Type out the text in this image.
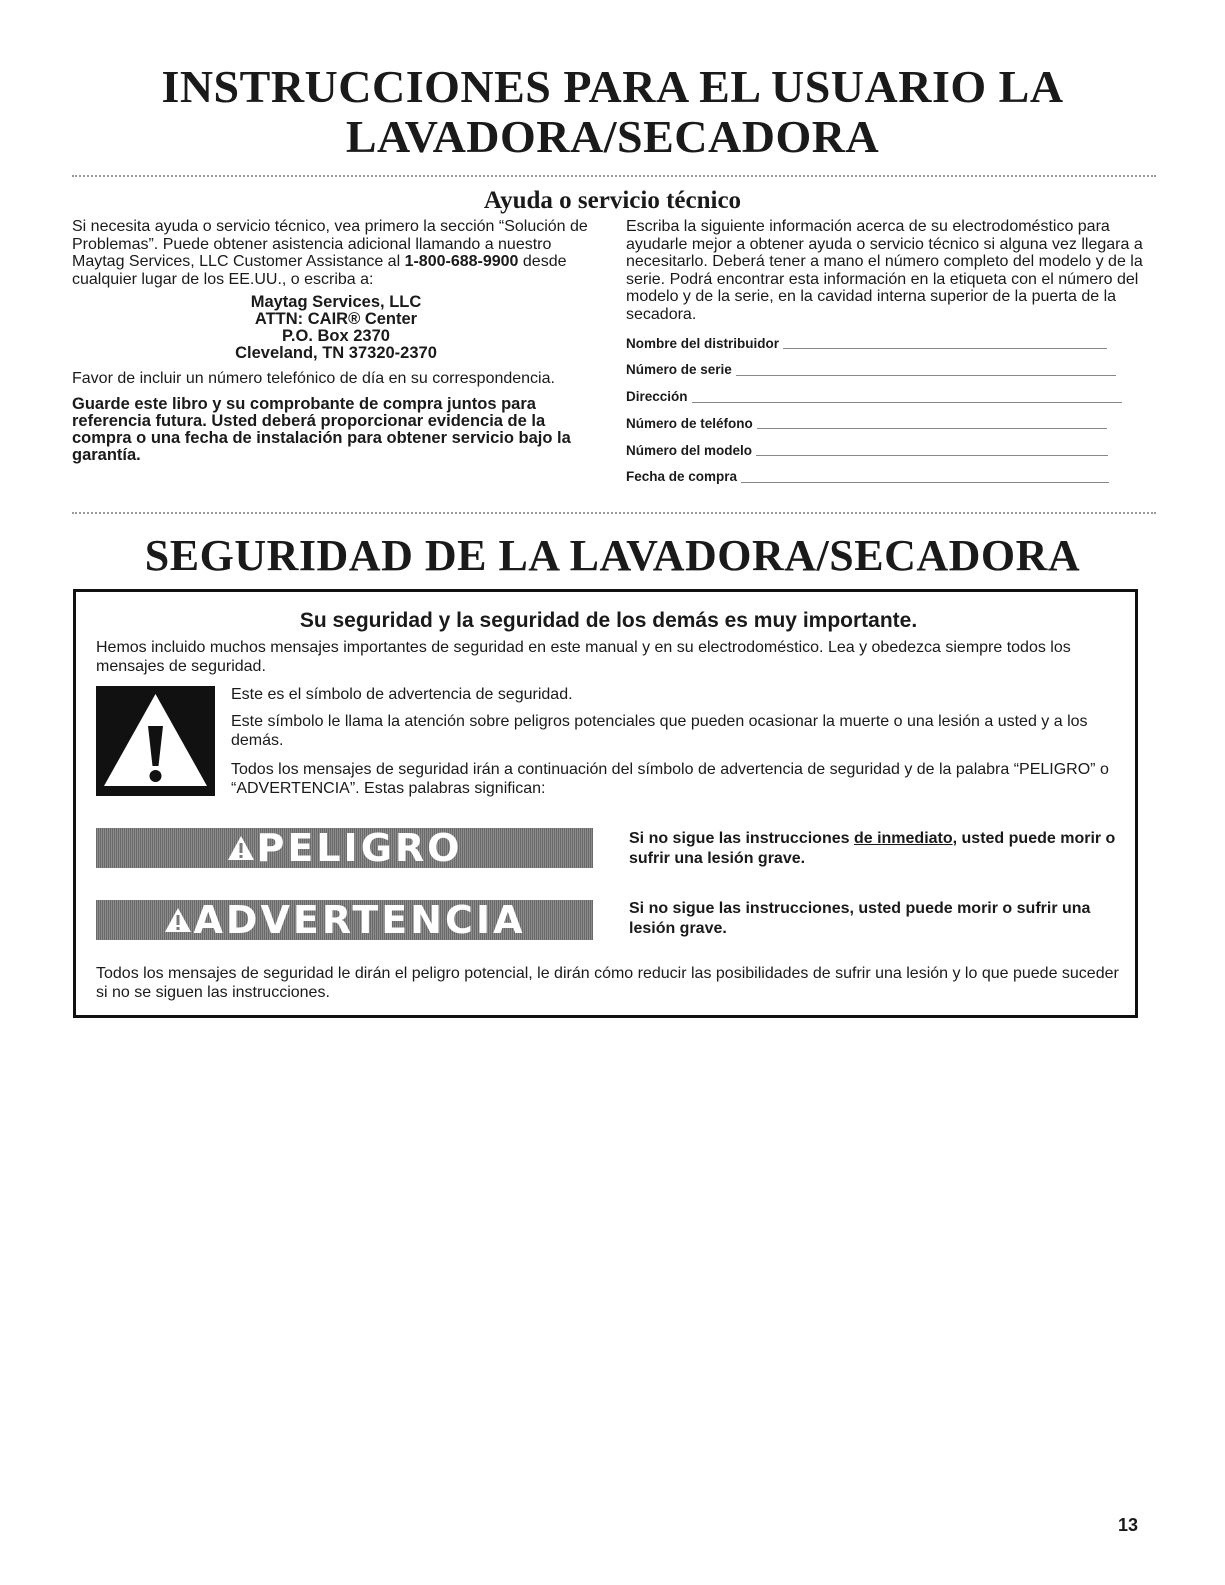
INSTRUCCIONES PARA EL USUARIO LA
LAVADORA/SECADORA
Ayuda o servicio técnico

Si necesita ayuda o servicio técnico, vea primero la sección “Solución de Problemas”. Puede obtener asistencia adicional llamando a nuestro Maytag Services, LLC Customer Assistance al 1-800-688-9900 desde cualquier lugar de los EE.UU., o escriba a:

Maytag Services, LLC
ATTN: CAIR® Center
P.O. Box 2370
Cleveland, TN 37320-2370

Favor de incluir un número telefónico de día en su correspondencia.

Guarde este libro y su comprobante de compra juntos para referencia futura. Usted deberá proporcionar evidencia de la compra o una fecha de instalación para obtener servicio bajo la garantía.

Escriba la siguiente información acerca de su electrodoméstico para ayudarle mejor a obtener ayuda o servicio técnico si alguna vez llegara a necesitarlo. Deberá tener a mano el número completo del modelo y de la serie. Podrá encontrar esta información en la etiqueta con el número del modelo y de la serie, en la cavidad interna superior de la puerta de la secadora.

Nombre del distribuidor
Número de serie
Dirección
Número de teléfono
Número del modelo
Fecha de compra
SEGURIDAD DE LA LAVADORA/SECADORA
Su seguridad y la seguridad de los demás es muy importante.

Hemos incluido muchos mensajes importantes de seguridad en este manual y en su electrodoméstico. Lea y obedezca siempre todos los mensajes de seguridad.

Este es el símbolo de advertencia de seguridad.

Este símbolo le llama la atención sobre peligros potenciales que pueden ocasionar la muerte o una lesión a usted y a los demás.

Todos los mensajes de seguridad irán a continuación del símbolo de advertencia de seguridad y de la palabra “PELIGRO” o “ADVERTENCIA”. Estas palabras significan:

PELIGRO	Si no sigue las instrucciones de inmediato, usted puede morir o sufrir una lesión grave.

ADVERTENCIA	Si no sigue las instrucciones, usted puede morir o sufrir una lesión grave.

Todos los mensajes de seguridad le dirán el peligro potencial, le dirán cómo reducir las posibilidades de sufrir una lesión y lo que puede suceder si no se siguen las instrucciones.

13
